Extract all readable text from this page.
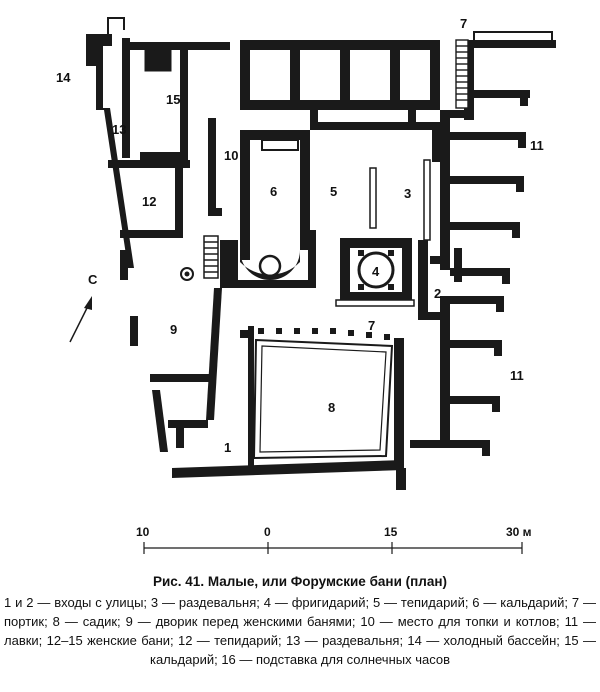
14
13
15
12
10
6	5	3
4
7
11
2
7
11
9
8
1
С
10	0	15	30 м
Рис. 41. Малые, или Форумские бани (план)
1 и 2 — входы с улицы; 3 — раздевальня; 4 — фригидарий; 5 — тепидарий; 6 — кальдарий; 7 — портик; 8 — садик; 9 — дворик перед женскими банями; 10 — место для топки и котлов; 11 — лавки; 12–15 женские бани; 12 — тепидарий; 13 — раздевальня; 14 — холодный бассейн; 15 — кальдарий; 16 — подставка для солнечных часов
